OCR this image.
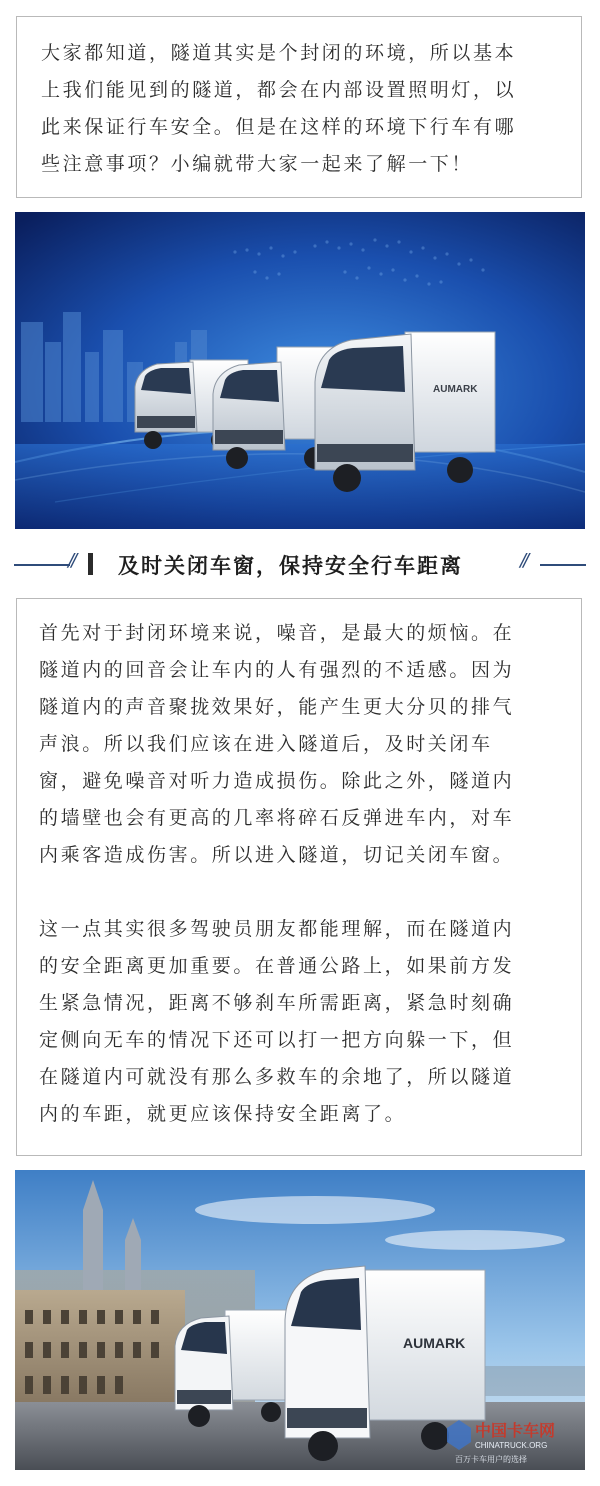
大家都知道，隧道其实是个封闭的环境，所以基本

上我们能见到的隧道，都会在内部设置照明灯，以

此来保证行车安全。但是在这样的环境下行车有哪

些注意事项？小编就带大家一起来了解一下！

AUMARK
// 及时关闭车窗，保持安全行车距离	//

首先对于封闭环境来说，噪音，是最大的烦恼。在

隧道内的回音会让车内的人有强烈的不适感。因为

隧道内的声音聚拢效果好，能产生更大分贝的排气

声浪。所以我们应该在进入隧道后，及时关闭车

窗，避免噪音对听力造成损伤。除此之外，隧道内

的墙壁也会有更高的几率将碎石反弹进车内，对车

内乘客造成伤害。所以进入隧道，切记关闭车窗。

这一点其实很多驾驶员朋友都能理解，而在隧道内

的安全距离更加重要。在普通公路上，如果前方发

生紧急情况，距离不够刹车所需距离，紧急时刻确

定侧向无车的情况下还可以打一把方向躲一下，但

在隧道内可就没有那么多救车的余地了，所以隧道

内的车距，就更应该保持安全距离了。

AUMARK
中国卡车网
CHINATRUCK.ORG
百万卡车用户的选择
